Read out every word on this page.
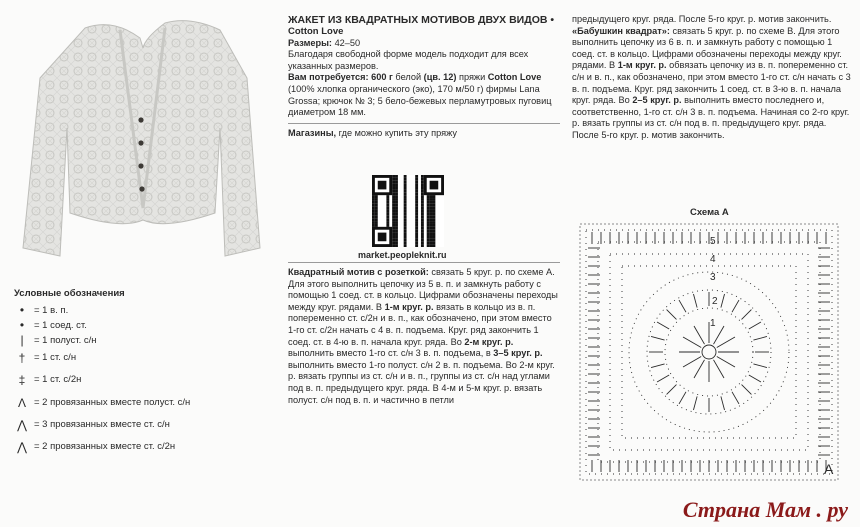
Условные обозначения
•	= 1 в. п.
•	= 1 соед. ст.
|	= 1 полуст. с/н
† = 1 ст. с/н
‡ = 1 ст. с/2н
Λ = 2 провязанных вместе полуст. с/н
⋀ = 3 провязанных вместе ст. с/н
⋀ = 2 провязанных вместе ст. с/2н

ЖАКЕТ ИЗ КВАДРАТНЫХ МОТИВОВ ДВУХ ВИДОВ •

Cotton Love

Размеры: 42–50

Благодаря свободной форме модель подходит для всех указанных размеров.

Вам потребуется: 600 г белой (цв. 12) пряжи Cotton Love (100% хлопка органического (эко), 170 м/50 г) фирмы Lana Grossa; крючок № 3; 5 бело-бежевых перламутровых пуговиц диаметром 18 мм.

Магазины, где можно купить эту пряжу

market.peopleknit.ru

Квадратный мотив с розеткой: связать 5 круг. р. по схеме А. Для этого выполнить цепочку из 5 в. п. и замкнуть работу с помощью 1 соед. ст. в кольцо. Цифрами обозначены переходы между круг. рядами. В 1-м круг. р. вязать в кольцо из в. п. попеременно ст. с/2н и в. п., как обозначено, при этом вместо 1-го ст. с/2н начать с 4 в. п. подъема. Круг. ряд закончить 1 соед. ст. в 4-ю в. п. начала круг. ряда. Во 2-м круг. р. выполнить вместо 1-го ст. с/н 3 в. п. подъема, в 3–5 круг. р. выполнить вместо 1-го полуст. с/н 2 в. п. подъема. Во 2-м круг. р. вязать группы из ст. с/н и в. п., группы из ст. с/н над углами под в. п. предыдущего круг. ряда. В 4-м и 5-м круг. р. вязать полуст. с/н под в. п. и частично в петли

предыдущего круг. ряда. После 5-го круг. р. мотив закончить.

«Бабушкин квадрат»: связать 5 круг. р. по схеме В. Для этого выполнить цепочку из 6 в. п. и замкнуть работу с помощью 1 соед. ст. в кольцо. Цифрами обозначены переходы между круг. рядами. В 1-м круг. р. обвязать цепочку из в. п. попеременно ст. с/н и в. п., как обозначено, при этом вместо 1-го ст. с/н начать с 3 в. п. подъема. Круг. ряд закончить 1 соед. ст. в 3-ю в. п. начала круг. ряда. Во 2–5 круг. р. выполнить вместо последнего и, соответственно, 1-го ст. с/н 3 в. п. подъема. Начиная со 2-го круг. р. вязать группы из ст. с/н под в. п. предыдущего круг. ряда. После 5-го круг. р. мотив закончить.

Схема А
A
5
4
3
2
1
Страна Мам . ру
